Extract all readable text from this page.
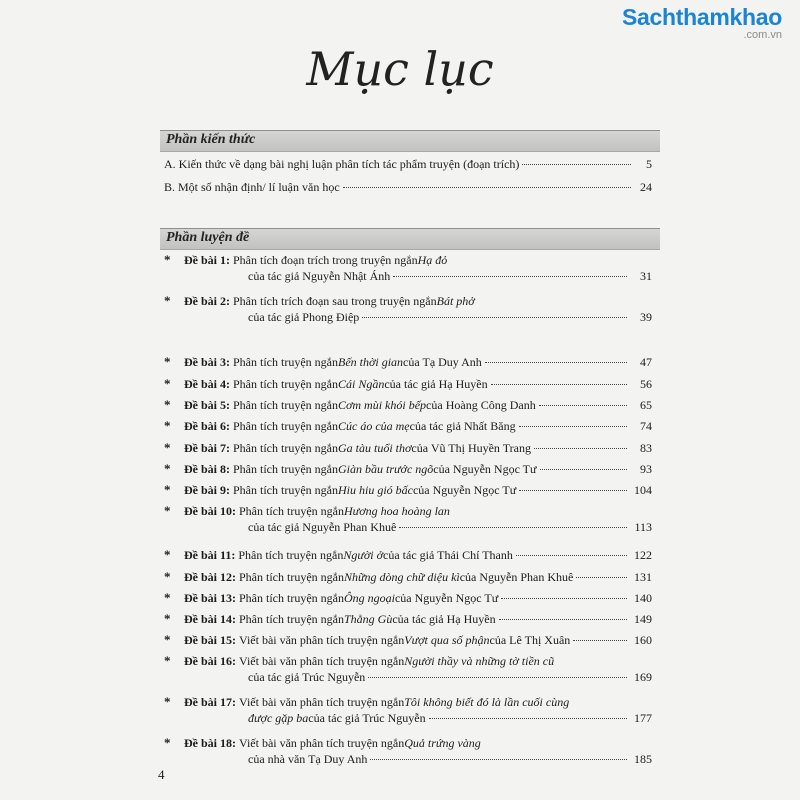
Sachthamkhao
.com.vn
Mục lục
Phần kiến thức
A. Kiến thức về dạng bài nghị luận phân tích tác phẩm truyện (đoạn trích)	5
B. Một số nhận định/ lí luận văn học	24
Phần luyện đề
*	Đề bài 1: Phân tích đoạn trích trong truyện ngắn Hạ đỏ
của tác giả Nguyễn Nhật Ánh	31
*	Đề bài 2: Phân tích trích đoạn sau trong truyện ngắn Bát phở
của tác giả Phong Điệp	39
*	Đề bài 3: Phân tích truyện ngắn Bến thời gian của Tạ Duy Anh	47
*	Đề bài 4: Phân tích truyện ngắn Cái Ngần của tác giả Hạ Huyền	56
*	Đề bài 5: Phân tích truyện ngắn Cơm mùi khói bếp của Hoàng Công Danh	65
*	Đề bài 6: Phân tích truyện ngắn Cúc áo của mẹ của tác giả Nhất Băng	74
*	Đề bài 7: Phân tích truyện ngắn Ga tàu tuổi thơ của Vũ Thị Huyền Trang	83
*	Đề bài 8: Phân tích truyện ngắn Giàn bầu trước ngõ của Nguyễn Ngọc Tư	93
*	Đề bài 9: Phân tích truyện ngắn Hiu hiu gió bấc của Nguyễn Ngọc Tư	104
*	Đề bài 10: Phân tích truyện ngắn Hương hoa hoàng lan
của tác giả Nguyễn Phan Khuê	113
*	Đề bài 11: Phân tích truyện ngắn Người ở của tác giả Thái Chí Thanh	122
*	Đề bài 12: Phân tích truyện ngắn Những dòng chữ diệu kì của Nguyễn Phan Khuê	131
*	Đề bài 13: Phân tích truyện ngắn Ông ngoại của Nguyễn Ngọc Tư	140
*	Đề bài 14: Phân tích truyện ngắn Thằng Gù của tác giả Hạ Huyền	149
*	Đề bài 15: Viết bài văn phân tích truyện ngắn Vượt qua số phận của Lê Thị Xuân	160
*	Đề bài 16: Viết bài văn phân tích truyện ngắn Người thầy và những tờ tiền cũ
của tác giả Trúc Nguyễn	169
*	Đề bài 17: Viết bài văn phân tích truyện ngắn Tôi không biết đó là lần cuối cùng
được gặp ba của tác giả Trúc Nguyễn	177
*	Đề bài 18: Viết bài văn phân tích truyện ngắn Quả trứng vàng
của nhà văn Tạ Duy Anh	185
4
